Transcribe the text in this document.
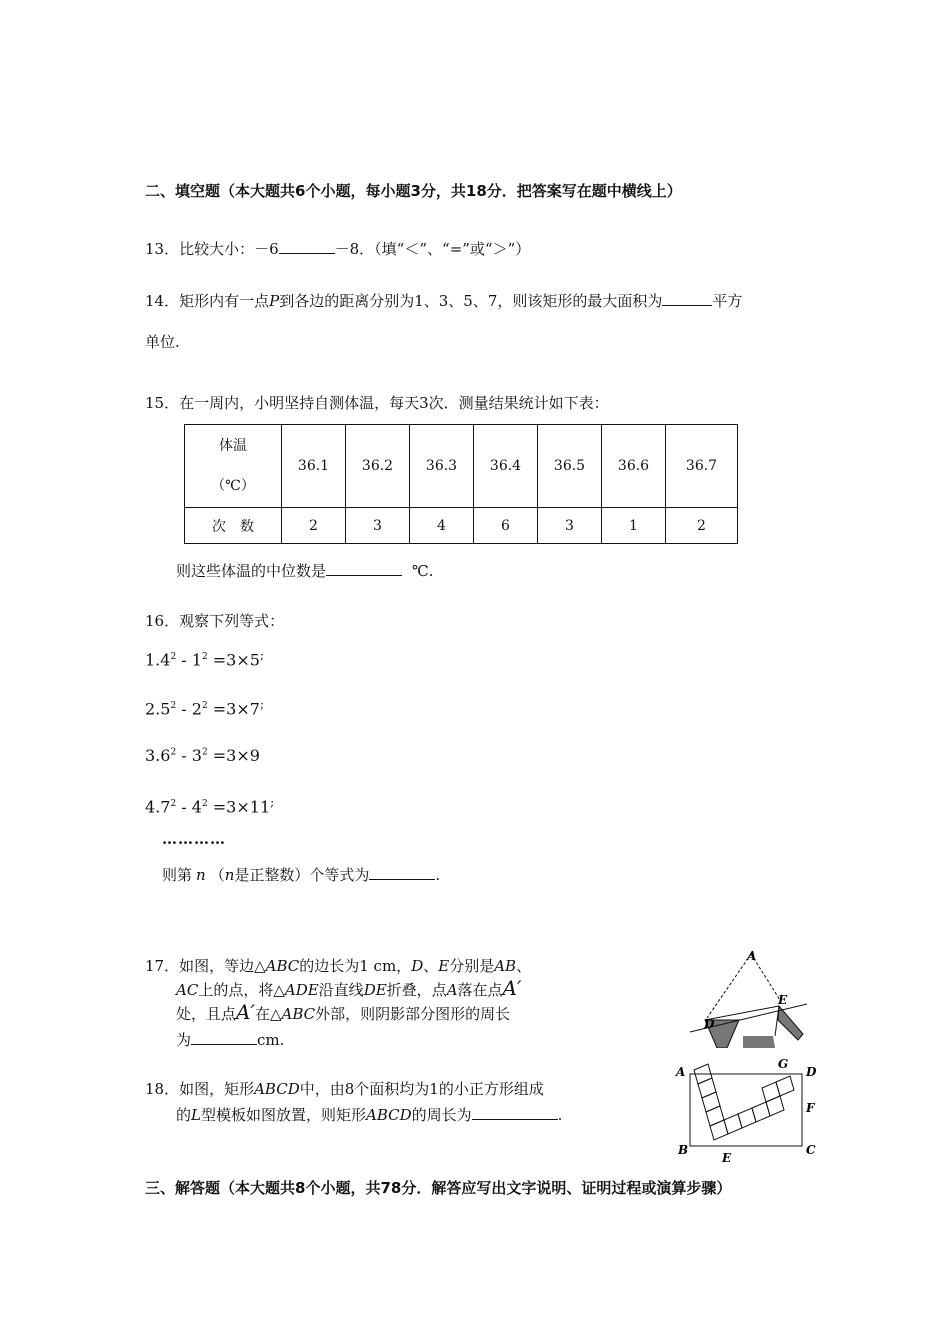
二、填空题（本大题共6个小题，每小题3分，共18分．把答案写在题中横线上）
13．比较大小：－6	－8．（填“＜”、“=”或“＞”）
14．矩形内有一点P到各边的距离分别为1、3、5、7，则该矩形的最大面积为	平方
单位.
15．在一周内，小明坚持自测体温，每天3次．测量结果统计如下表：
体温
（℃）	36.1	36.2	36.3	36.4	36.5	36.6	36.7
次　数	2	3	4	6	3	1	2
则这些体温的中位数是	℃.
16．观察下列等式：
$1.4^2 - 1^2 =3\times 5^;$
$2.5^2 - 2^2 =3\times 7^;$
$3.6^2 - 3^2 =3\times 9$
$4.7^2 - 4^2 =3\times 11^;$
…………
则第 n （n是正整数）个等式为	.
17．如图，等边△ABC的边长为1 cm，D、E分别是AB、
AC上的点，将△ADE沿直线DE折叠，点A落在点A′
处，且点A′在△ABC外部，则阴影部分图形的周长
为	cm.
A
D
E
18．如图，矩形ABCD中，由8个面积均为1的小正方形组成
的L型模板如图放置，则矩形ABCD的周长为	.
A
B	C
D
E
F
G
三、解答题（本大题共8个小题，共78分．解答应写出文字说明、证明过程或演算步骤）
